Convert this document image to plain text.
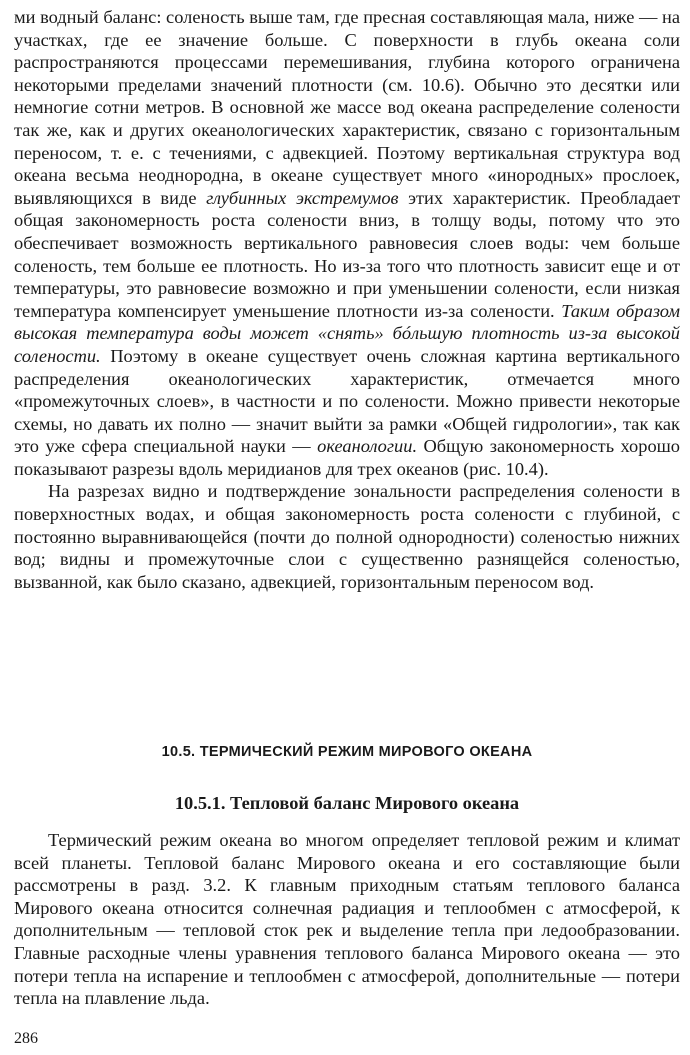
ми водный баланс: соленость выше там, где пресная составляющая мала, ниже — на участках, где ее значение больше. С поверхности в глубь океана соли распространяются процессами перемешивания, глубина которого ограничена некоторыми пределами значений плотности (см. 10.6). Обычно это десятки или немногие сотни метров. В основной же массе вод океана распределение солености так же, как и других океанологических характеристик, связано с горизонтальным переносом, т. е. с течениями, с адвекцией. Поэтому вертикальная структура вод океана весьма неоднородна, в океане существует много «инородных» прослоек, выявляющихся в виде глубинных экстремумов этих характеристик. Преобладает общая закономерность роста солености вниз, в толщу воды, потому что это обеспечивает возможность вертикального равновесия слоев воды: чем больше соленость, тем больше ее плотность. Но из-за того что плотность зависит еще и от температуры, это равновесие возможно и при уменьшении солености, если низкая температура компенсирует уменьшение плотности из-за солености. Таким образом высокая температура воды может «снять» бóльшую плотность из-за высокой солености. Поэтому в океане существует очень сложная картина вертикального распределения океанологических характеристик, отмечается много «промежуточных слоев», в частности и по солености. Можно привести некоторые схемы, но давать их полно — значит выйти за рамки «Общей гидрологии», так как это уже сфера специальной науки — океанологии. Общую закономерность хорошо показывают разрезы вдоль меридианов для трех океанов (рис. 10.4).

На разрезах видно и подтверждение зональности распределения солености в поверхностных водах, и общая закономерность роста солености с глубиной, с постоянно выравнивающейся (почти до полной однородности) соленостью нижних вод; видны и промежуточные слои с существенно разнящейся соленостью, вызванной, как было сказано, адвекцией, горизонтальным переносом вод.

10.5. ТЕРМИЧЕСКИЙ РЕЖИМ МИРОВОГО ОКЕАНА
10.5.1. Тепловой баланс Мирового океана

Термический режим океана во многом определяет тепловой режим и климат всей планеты. Тепловой баланс Мирового океана и его составляющие были рассмотрены в разд. 3.2. К главным приходным статьям теплового баланса Мирового океана относится солнечная радиация и теплообмен с атмосферой, к дополнительным — тепловой сток рек и выделение тепла при ледообразовании. Главные расходные члены уравнения теплового баланса Мирового океана — это потери тепла на испарение и теплообмен с атмосферой, дополнительные — потери тепла на плавление льда.

286
